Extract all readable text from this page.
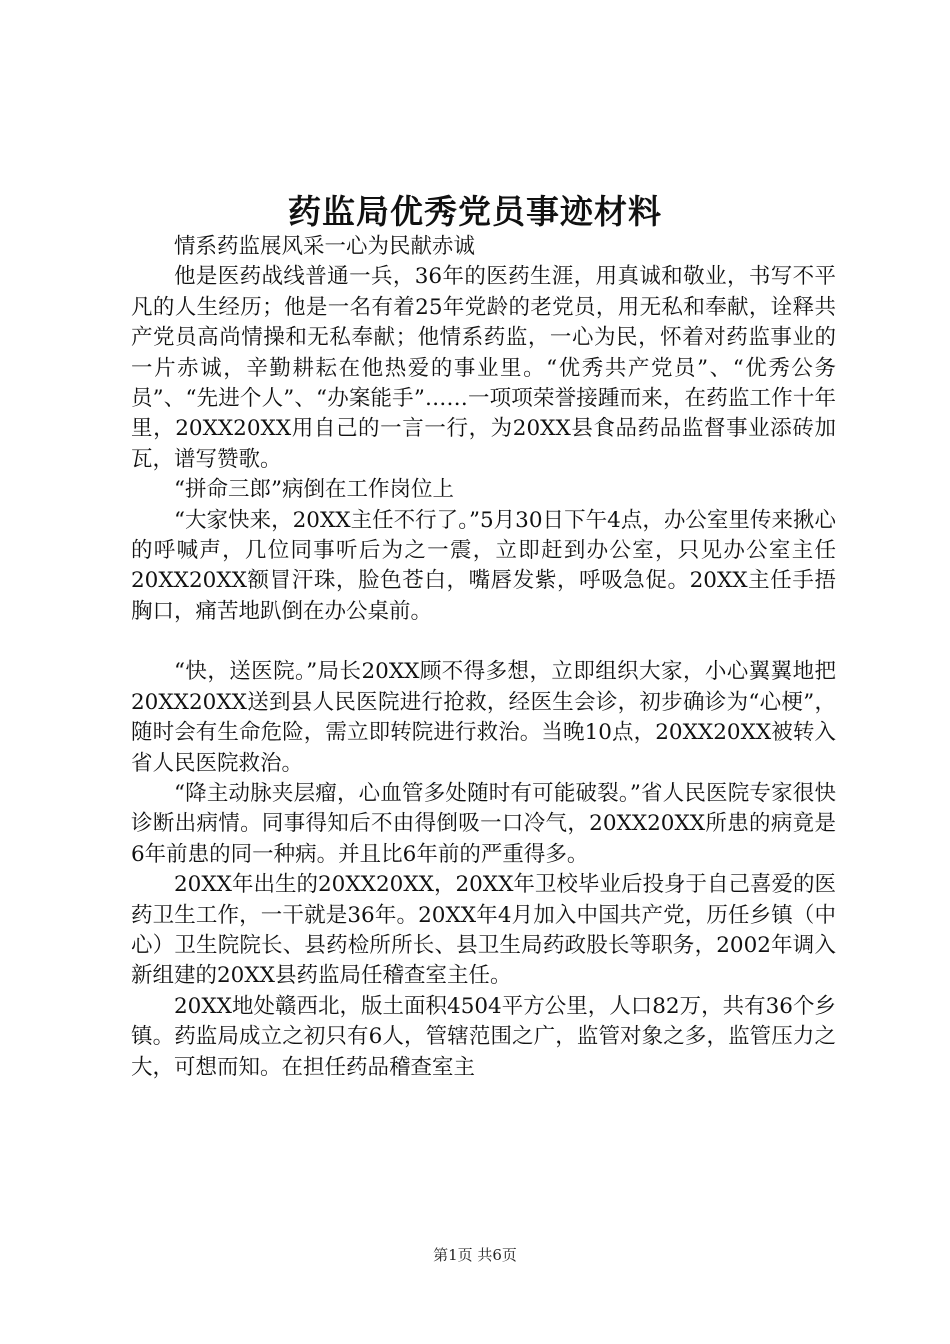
药监局优秀党员事迹材料

情系药监展风采一心为民献赤诚

他是医药战线普通一兵，36年的医药生涯，用真诚和敬业，书写不平凡的人生经历；他是一名有着25年党龄的老党员，用无私和奉献，诠释共产党员高尚情操和无私奉献；他情系药监，一心为民，怀着对药监事业的一片赤诚，辛勤耕耘在他热爱的事业里。“优秀共产党员”、“优秀公务员”、“先进个人”、“办案能手”……一项项荣誉接踵而来，在药监工作十年里，20XX20XX用自己的一言一行，为20XX县食品药品监督事业添砖加瓦，谱写赞歌。

“拼命三郎”病倒在工作岗位上

“大家快来，20XX主任不行了。”5月30日下午4点，办公室里传来揪心的呼喊声，几位同事听后为之一震，立即赶到办公室，只见办公室主任20XX20XX额冒汗珠，脸色苍白，嘴唇发紫，呼吸急促。20XX主任手捂胸口，痛苦地趴倒在办公桌前。

“快，送医院。”局长20XX顾不得多想，立即组织大家，小心翼翼地把20XX20XX送到县人民医院进行抢救，经医生会诊，初步确诊为“心梗”，随时会有生命危险，需立即转院进行救治。当晚10点，20XX20XX被转入省人民医院救治。

“降主动脉夹层瘤，心血管多处随时有可能破裂。”省人民医院专家很快诊断出病情。同事得知后不由得倒吸一口冷气，20XX20XX所患的病竟是6年前患的同一种病。并且比6年前的严重得多。

20XX年出生的20XX20XX，20XX年卫校毕业后投身于自己喜爱的医药卫生工作，一干就是36年。20XX年4月加入中国共产党，历任乡镇（中心）卫生院院长、县药检所所长、县卫生局药政股长等职务，2002年调入新组建的20XX县药监局任稽查室主任。

20XX地处赣西北，版土面积4504平方公里，人口82万，共有36个乡镇。药监局成立之初只有6人，管辖范围之广，监管对象之多，监管压力之大，可想而知。在担任药品稽查室主

第1页 共6页
